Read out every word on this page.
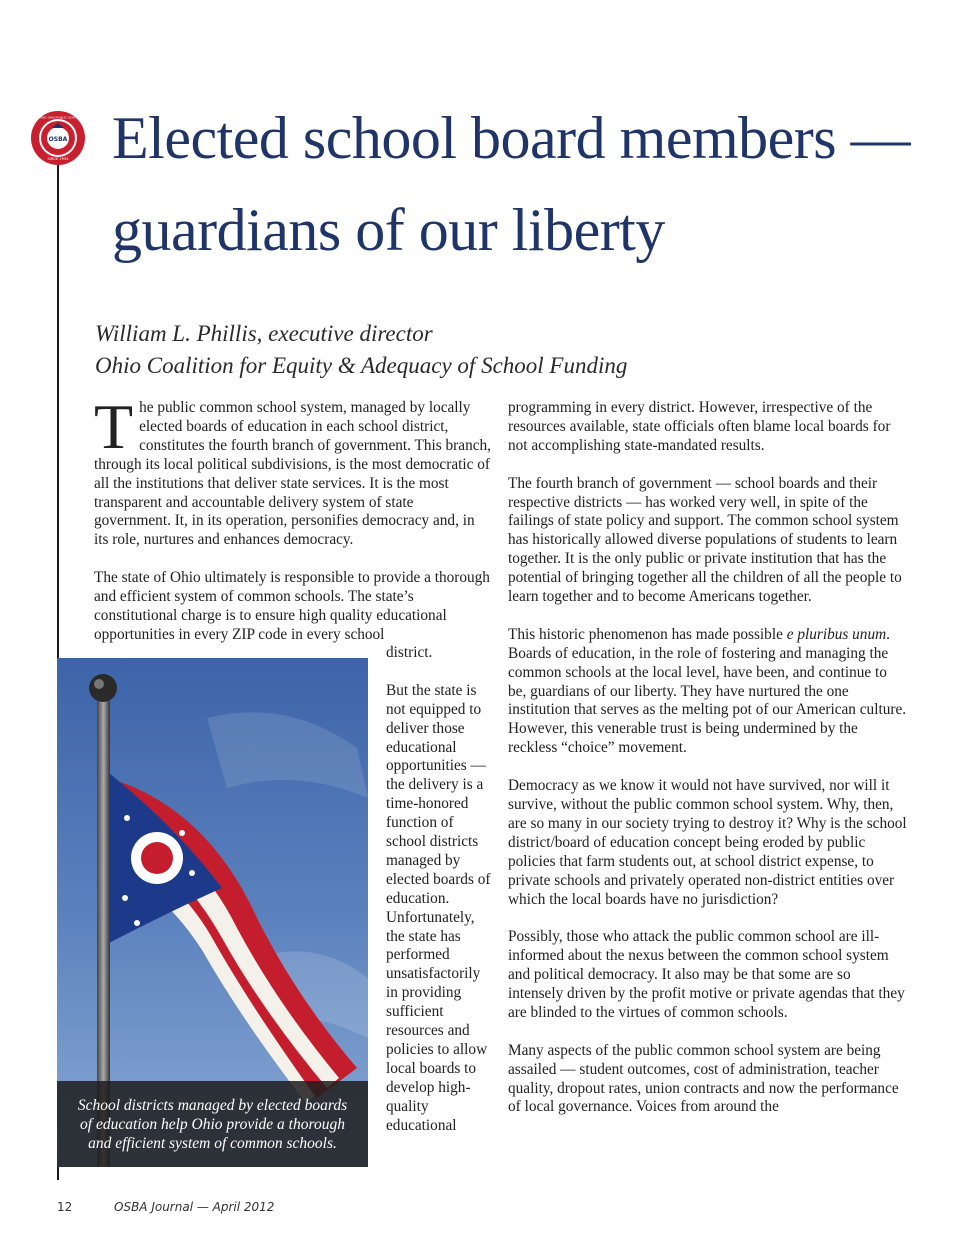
OSBA
SINCE 1955
SERVING OHIO PUBLIC SCHOOLS Elected school board members — guardians of our liberty
William L. Phillis, executive director
Ohio Coalition for Equity & Adequacy of School Funding

The public common school system, managed by locally elected boards of education in each school district, constitutes the fourth branch of government. This branch, through its local political subdivisions, is the most democratic of all the institutions that deliver state services. It is the most transparent and accountable delivery system of state government. It, in its operation, personifies democracy and, in its role, nurtures and enhances democracy.

The state of Ohio ultimately is responsible to provide a thorough and efficient system of common schools. The state’s constitutional charge is to ensure high quality educational opportunities in every ZIP code in every school

district.

But the state is not equipped to deliver those educational opportunities — the delivery is a time-honored function of school districts managed by elected boards of education. Unfortunately, the state has performed unsatisfactorily in providing sufficient resources and policies to allow local boards to develop high-quality educational

School districts managed by elected boards of education help Ohio provide a thorough and efficient system of common schools.

programming in every district. However, irrespective of the resources available, state officials often blame local boards for not accomplishing state-mandated results.

The fourth branch of government — school boards and their respective districts — has worked very well, in spite of the failings of state policy and support. The common school system has historically allowed diverse populations of students to learn together. It is the only public or private institution that has the potential of bringing together all the children of all the people to learn together and to become Americans together.

This historic phenomenon has made possible e pluribus unum. Boards of education, in the role of fostering and managing the common schools at the local level, have been, and continue to be, guardians of our liberty. They have nurtured the one institution that serves as the melting pot of our American culture. However, this venerable trust is being undermined by the reckless “choice” movement.

Democracy as we know it would not have survived, nor will it survive, without the public common school system. Why, then, are so many in our society trying to destroy it? Why is the school district/board of education concept being eroded by public policies that farm students out, at school district expense, to private schools and privately operated non-district entities over which the local boards have no jurisdiction?

Possibly, those who attack the public common school are ill-informed about the nexus between the common school system and political democracy. It also may be that some are so intensely driven by the profit motive or private agendas that they are blinded to the virtues of common schools.

Many aspects of the public common school system are being assailed — student outcomes, cost of administration, teacher quality, dropout rates, union contracts and now the performance of local governance. Voices from around the

12	OSBA Journal — April 2012
